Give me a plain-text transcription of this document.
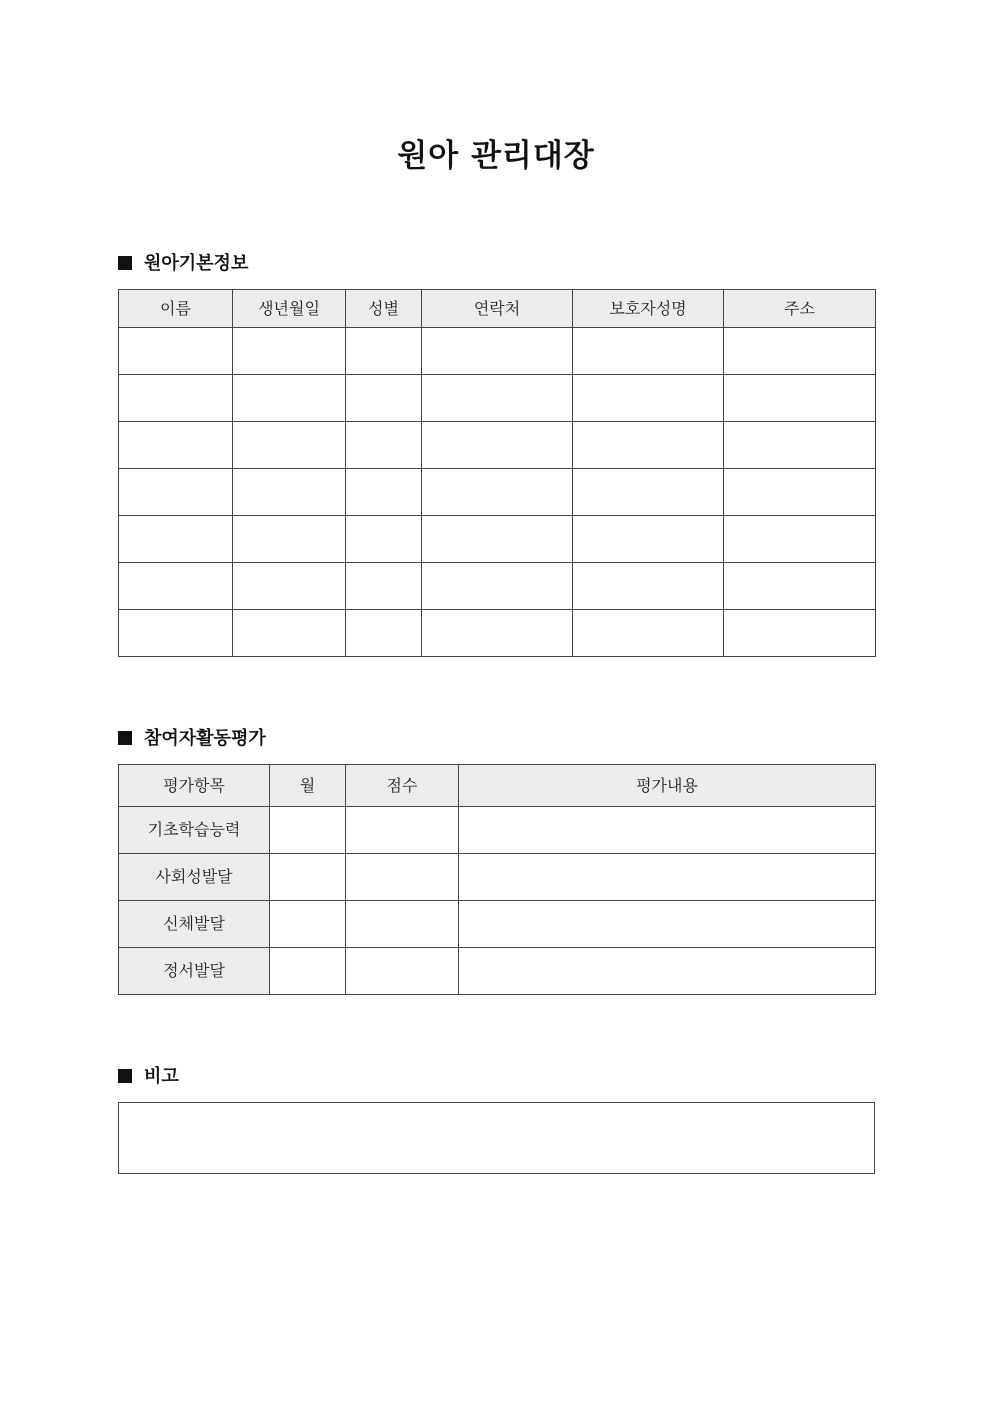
원아 관리대장
원아기본정보
이름	생년월일	성별	연락처	보호자성명	주소

참여자활동평가
평가항목	월	점수	평가내용
기초학습능력			
사회성발달			
신체발달			
정서발달			
비고
